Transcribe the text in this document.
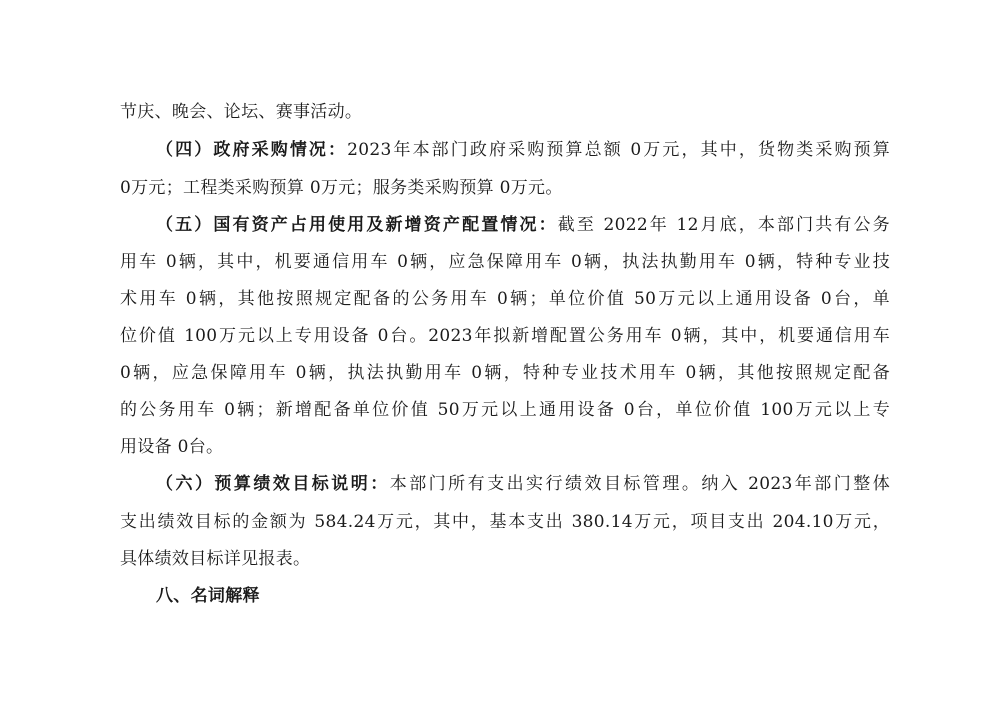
节庆、晚会、论坛、赛事活动。
（四）政府采购情况：2023年本部门政府采购预算总额 0万元，其中，货物类采购预算
0万元；工程类采购预算 0万元；服务类采购预算 0万元。
（五）国有资产占用使用及新增资产配置情况：截至 2022年 12月底，本部门共有公务
用车 0辆，其中，机要通信用车 0辆，应急保障用车 0辆，执法执勤用车 0辆，特种专业技
术用车 0辆，其他按照规定配备的公务用车 0辆；单位价值 50万元以上通用设备 0台，单
位价值 100万元以上专用设备 0台。2023年拟新增配置公务用车 0辆，其中，机要通信用车
0辆，应急保障用车 0辆，执法执勤用车 0辆，特种专业技术用车 0辆，其他按照规定配备
的公务用车 0辆；新增配备单位价值 50万元以上通用设备 0台，单位价值 100万元以上专
用设备 0台。
（六）预算绩效目标说明：本部门所有支出实行绩效目标管理。纳入 2023年部门整体
支出绩效目标的金额为 584.24万元，其中，基本支出 380.14万元，项目支出 204.10万元，
具体绩效目标详见报表。
八、名词解释
